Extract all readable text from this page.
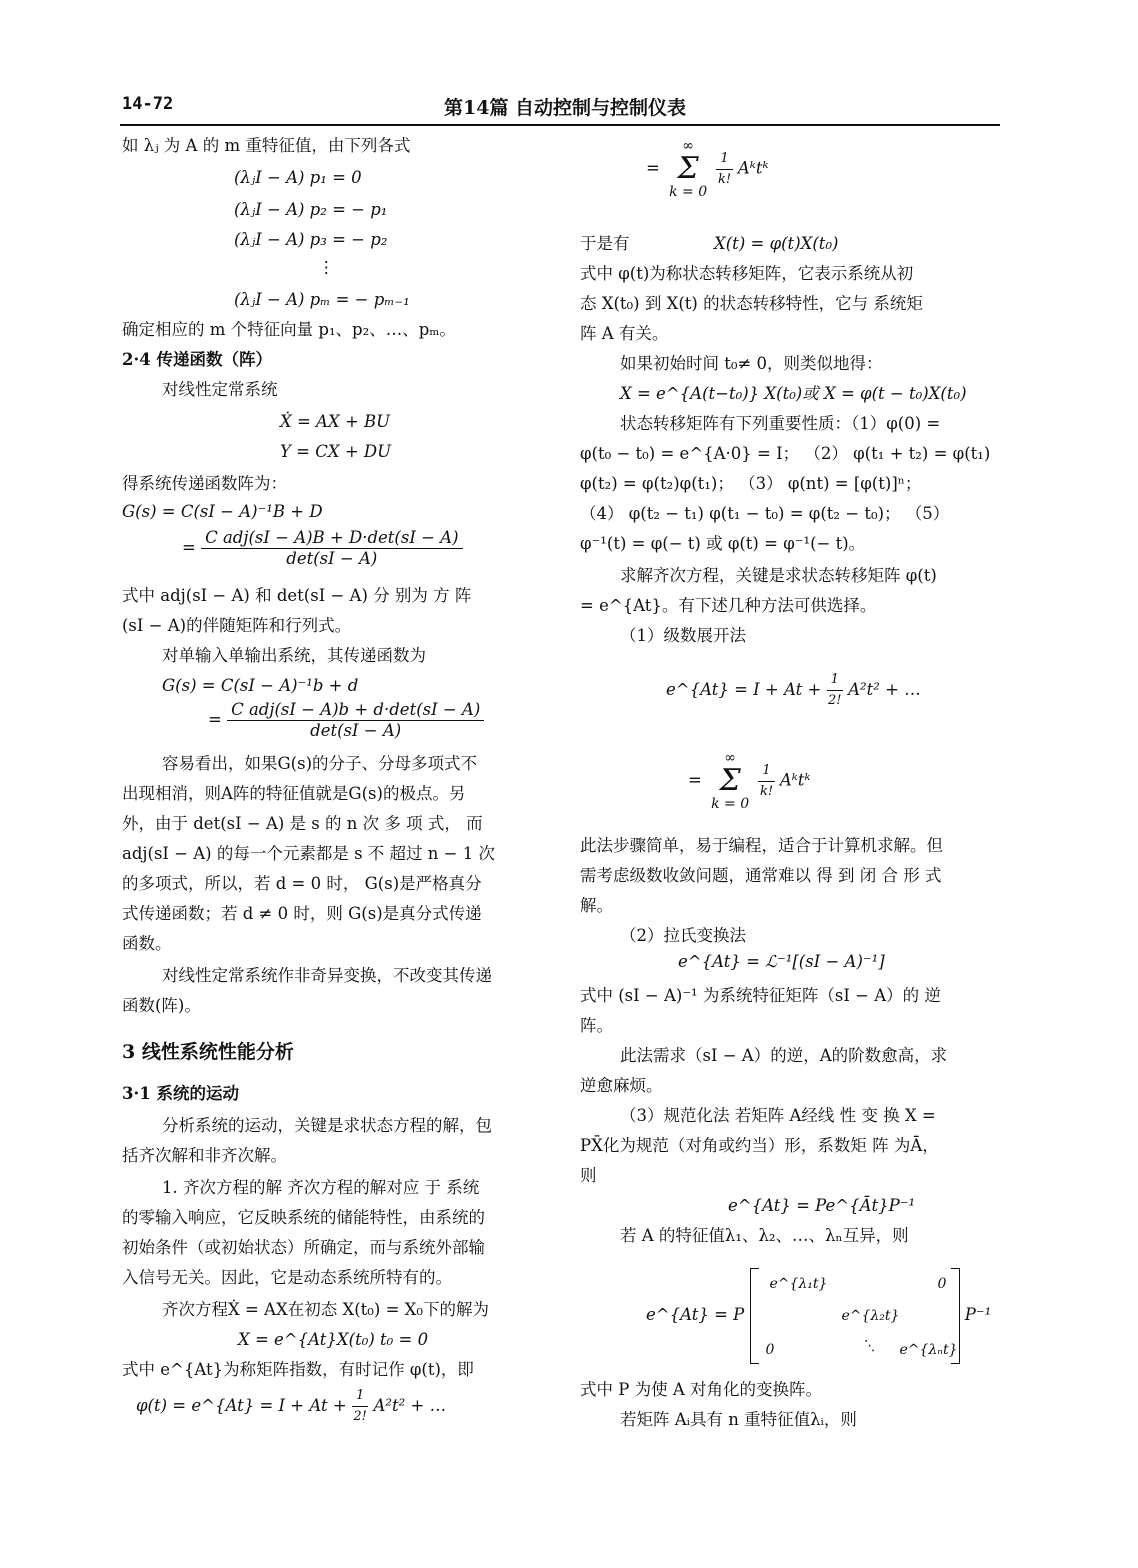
14-72	第14篇 自动控制与控制仪表
如 λⱼ 为 A 的 m 重特征值，由下列各式
(λⱼI − A) p₁ = 0
(λⱼI − A) p₂ = − p₁
(λⱼI − A) p₃ = − p₂
⋮
(λⱼI − A) pₘ = − pₘ₋₁
确定相应的 m 个特征向量 p₁、p₂、…、pₘ。
2·4 传递函数（阵）
对线性定常系统
Ẋ = AX + BU
Y = CX + DU
得系统传递函数阵为：
G(s) = C(sI − A)⁻¹B + D
= $\frac{\text{C adj(sI − A)B + D·det(sI − A)}}{\det(sI - A)}$
式中 adj(sI − A) 和 det(sI − A) 分 别为 方 阵
(sI − A)的伴随矩阵和行列式。
对单输入单输出系统，其传递函数为
G(s) = C(sI − A)⁻¹b + d
= $\frac{\text{C adj(sI − A)b + d·det(sI − A)}}{\det(sI - A)}$
容易看出，如果G(s)的分子、分母多项式不
出现相消，则A阵的特征值就是G(s)的极点。另
外，由于 det(sI − A) 是 s 的 n 次 多 项 式， 而
adj(sI − A) 的每一个元素都是 s 不 超过 n − 1 次
的多项式，所以，若 d = 0 时， G(s)是严格真分
式传递函数；若 d ≠ 0 时，则 G(s)是真分式传递
函数。
对线性定常系统作非奇异变换，不改变其传递
函数(阵)。
3 线性系统性能分析
3·1 系统的运动
分析系统的运动，关键是求状态方程的解，包
括齐次解和非齐次解。
1. 齐次方程的解 齐次方程的解对应 于 系统
的零输入响应，它反映系统的储能特性，由系统的
初始条件（或初始状态）所确定，而与系统外部输
入信号无关。因此，它是动态系统所特有的。
齐次方程Ẋ = AX在初态 X(t₀) = X₀下的解为
X = e^{At}X(t₀) t₀ = 0
式中 e^{At}为称矩阵指数，有时记作 φ(t)，即
φ(t) = e^{At} = $I + At + \frac{1}{2!} A^2t^2$ + …
= ∞
Σ
k = 0
$\frac{1}{k!}$ Aᵏtᵏ
于是有	X(t) = φ(t)X(t₀)
式中 φ(t)为称状态转移矩阵，它表示系统从初
态 X(t₀) 到 X(t) 的状态转移特性，它与 系统矩
阵 A 有关。
如果初始时间 t₀≠ 0，则类似地得：
X = e^{A(t−t₀)} X(t₀)或 X = φ(t − t₀)X(t₀)
状态转移矩阵有下列重要性质：（1）φ(0) =
φ(t₀ − t₀) = e^{A·0} = I； （2） φ(t₁ + t₂) = φ(t₁)
φ(t₂) = φ(t₂)φ(t₁)； （3） φ(nt) = [φ(t)]ⁿ；
（4） φ(t₂ − t₁) φ(t₁ − t₀) = φ(t₂ − t₀)； （5）
φ⁻¹(t) = φ(− t) 或 φ(t) = φ⁻¹(− t)。
求解齐次方程，关键是求状态转移矩阵 φ(t)
= e^{At}。有下述几种方法可供选择。
（1）级数展开法
e^{At} = $I + At + \frac{1}{2!} A^2t^2$ + …
= ∞
Σ
k = 0
$\frac{1}{k!}$ Aᵏtᵏ
此法步骤简单，易于编程，适合于计算机求解。但
需考虑级数收敛问题，通常难以 得 到 闭 合 形 式
解。
（2）拉氏变换法
e^{At} = ℒ⁻¹[(sI − A)⁻¹]
式中 (sI − A)⁻¹ 为系统特征矩阵（sI − A）的 逆
阵。
此法需求（sI − A）的逆，A的阶数愈高，求
逆愈麻烦。
（3）规范化法 若矩阵 A经线 性 变 换 X =
PX̄化为规范（对角或约当）形，系数矩 阵 为Ā，
则
e^{At} = Pe^{Āt}P⁻¹
若 A 的特征值λ₁、λ₂、…、λₙ互异，则
e^{At} = P
e^{λ₁t}	0
e^{λ₂t}
0	⋱ e^{λₙt}
P⁻¹
式中 P 为使 A 对角化的变换阵。
若矩阵 Aᵢ具有 n 重特征值λᵢ，则
